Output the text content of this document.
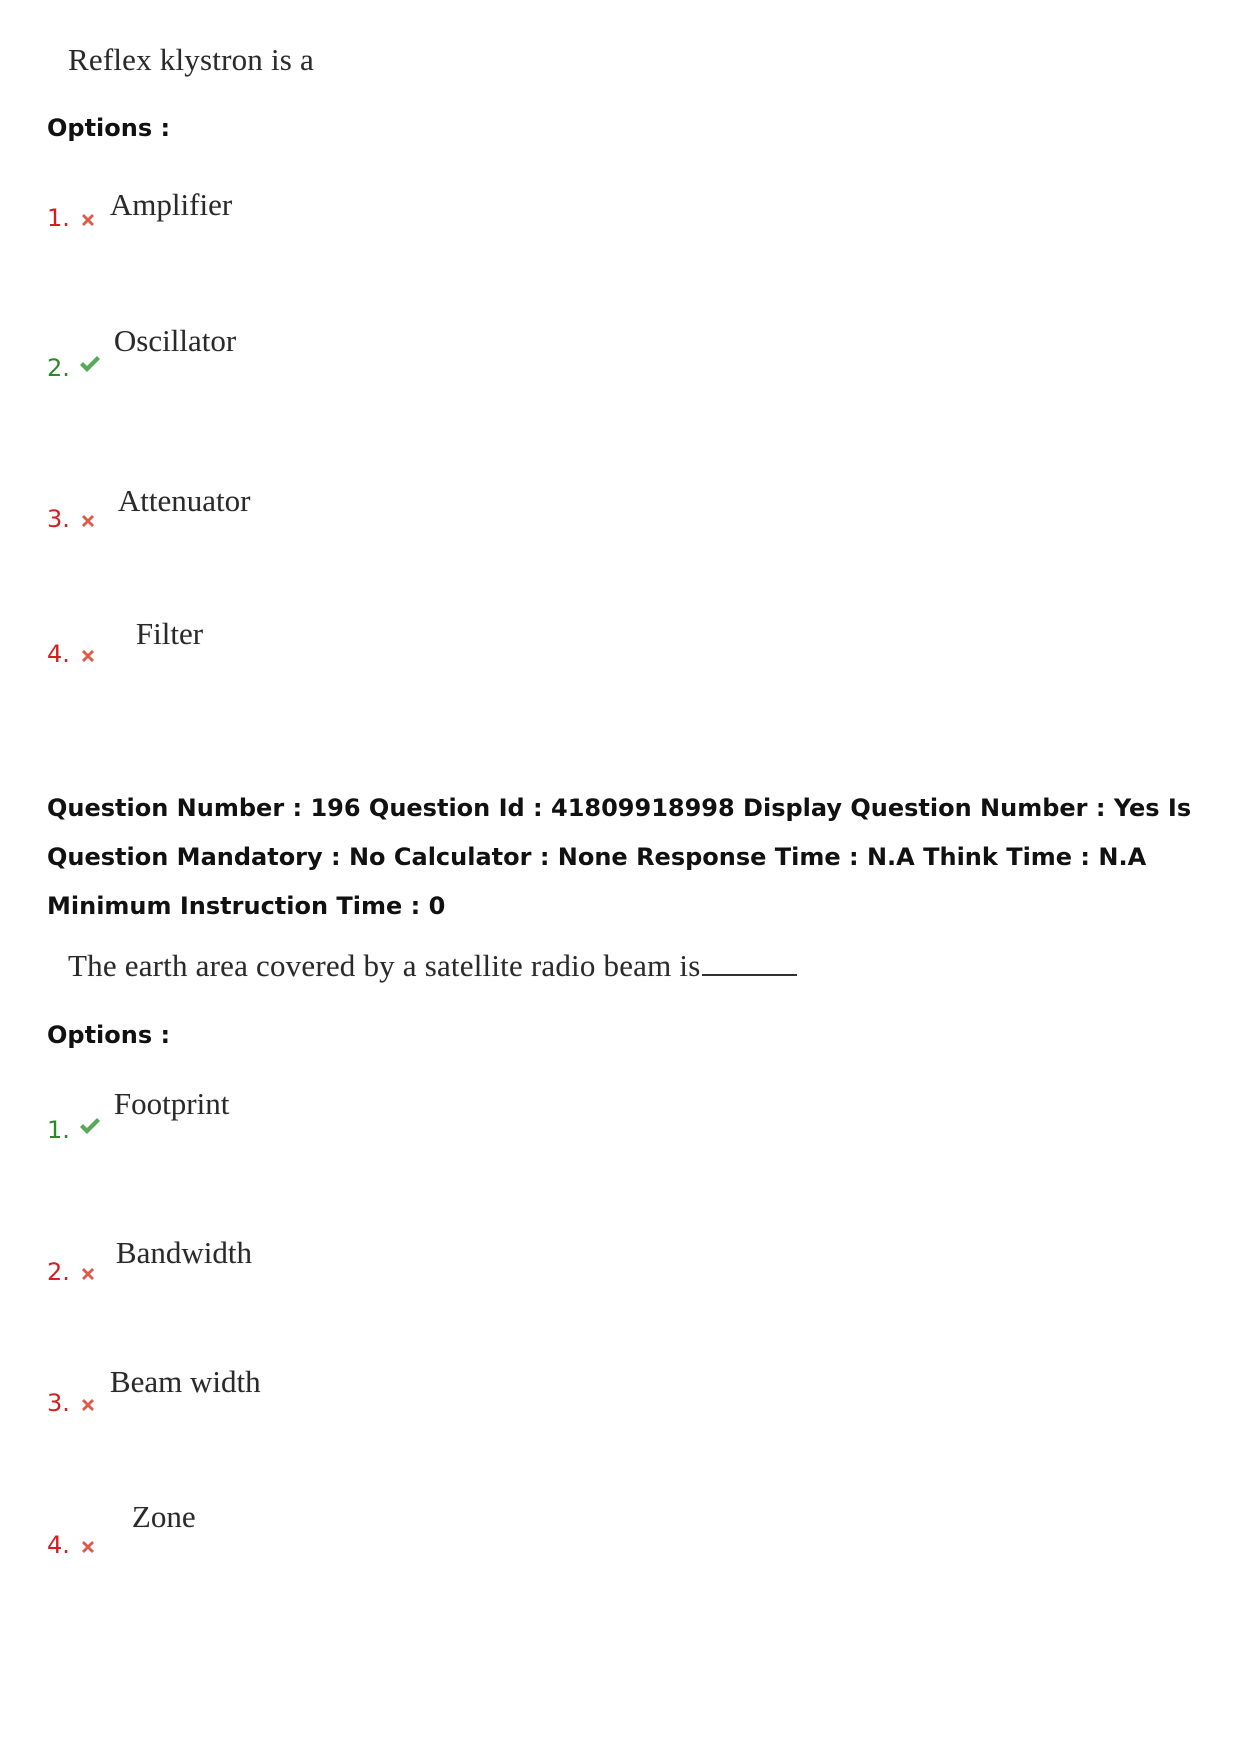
Reflex klystron is a
Options :
1. Amplifier
2.
Oscillator
3.
Attenuator
4.
Filter
Question Number : 196 Question Id : 41809918998 Display Question Number : Yes Is Question Mandatory : No Calculator : None Response Time : N.A Think Time : N.A Minimum Instruction Time : 0
The earth area covered by a satellite radio beam is
Options :
1.
Footprint
2.
Bandwidth
3.
Beam width
4.
Zone
